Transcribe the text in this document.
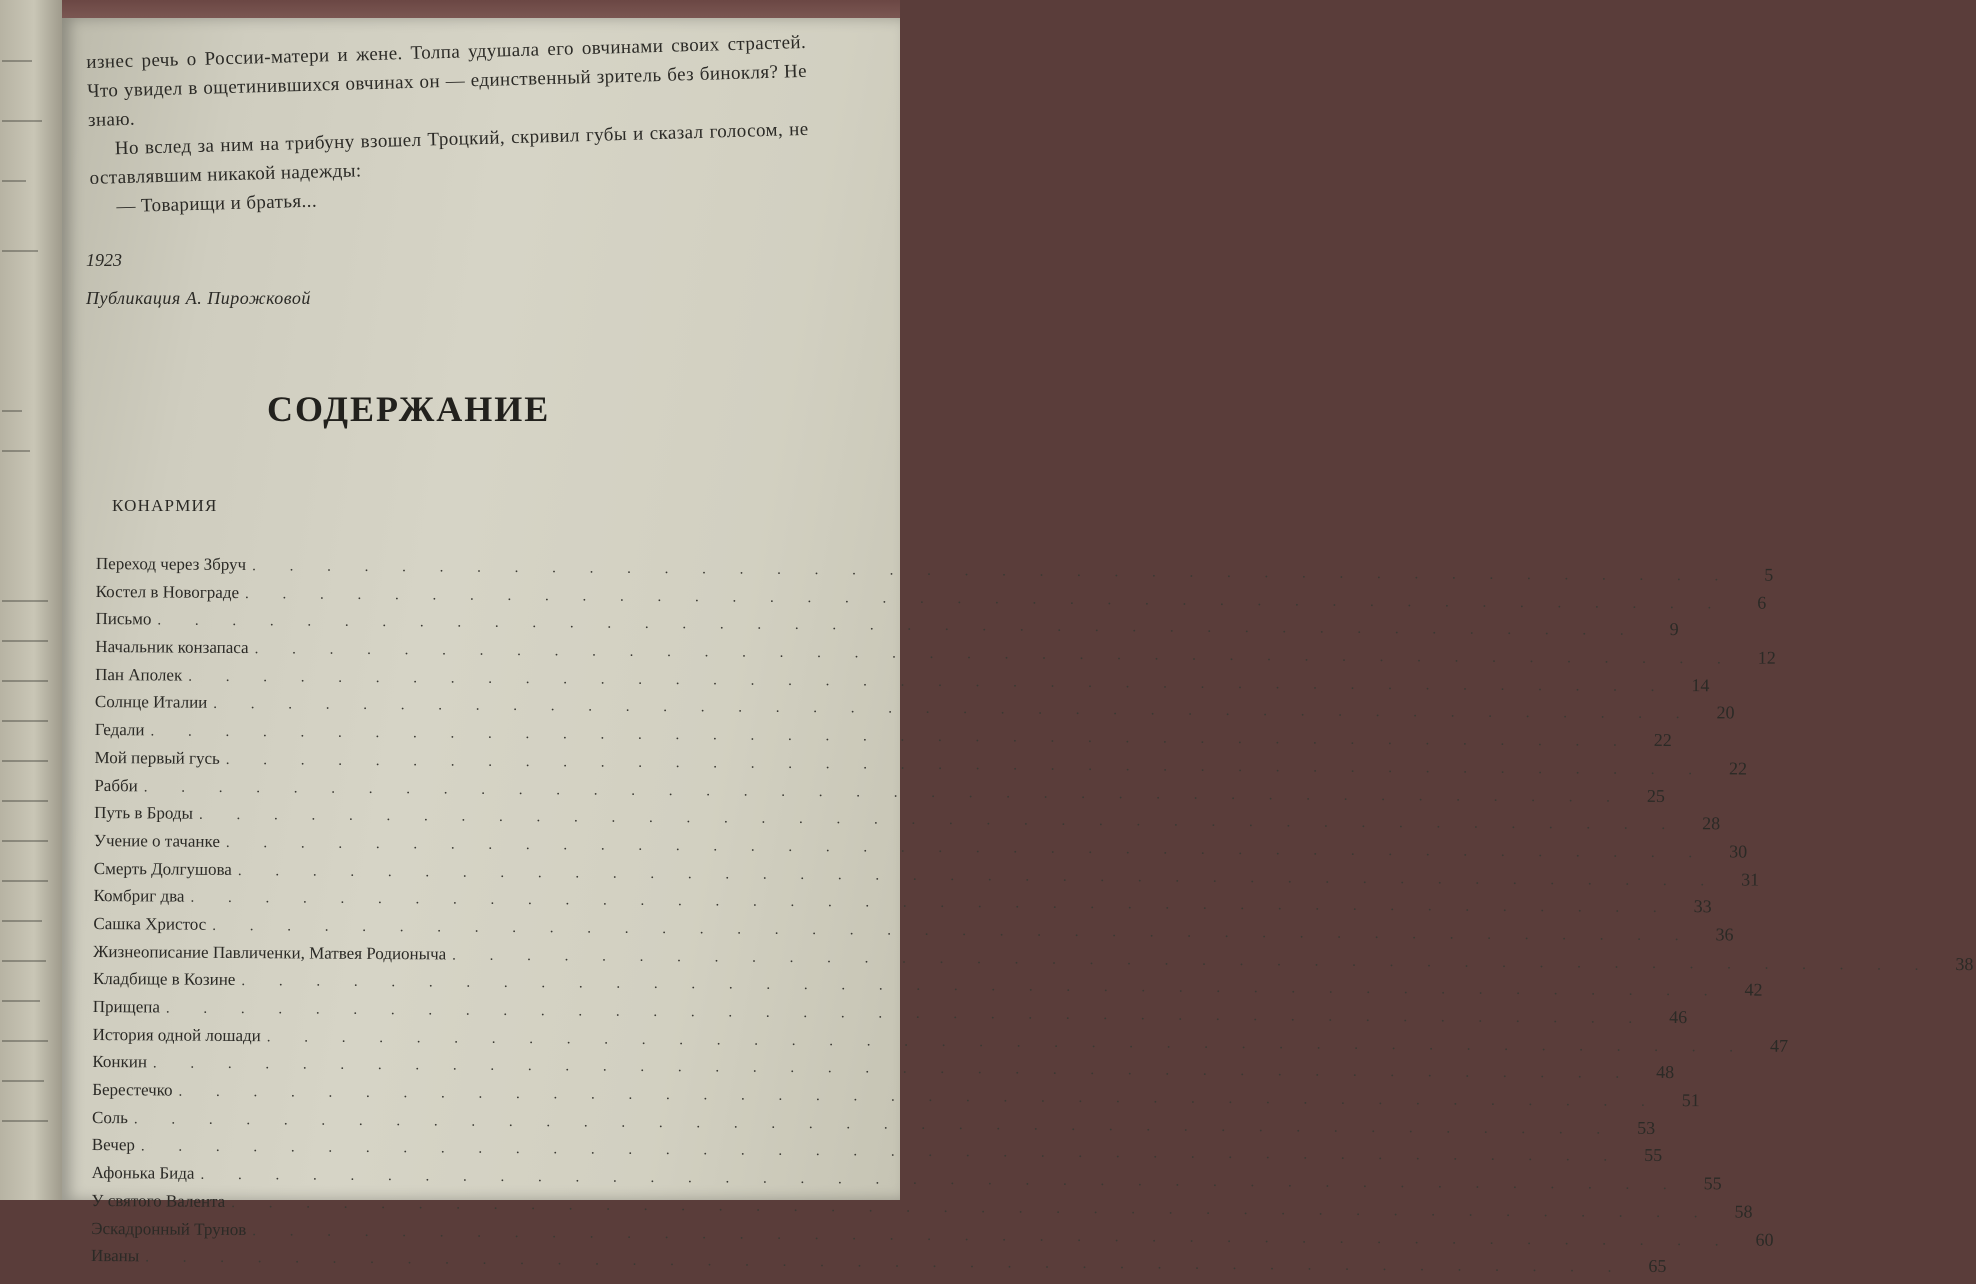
изнес речь о России-матери и жене. Толпа удушала его овчинами своих страстей. Что увидел в ощетинившихся овчинах он — единственный зритель без бинокля? Не знаю.

Но вслед за ним на трибуну взошел Троцкий, скривил губы и сказал голосом, не оставлявшим никакой надежды:

— Товарищи и братья...

1923
Публикация А. Пирожковой
СОДЕРЖАНИЕ
КОНАРМИЯ
Переход через Збруч . . . . . . . . . . . . . . . . . . . . . . . . . . . . . . . . . . . . . . . .	5
Костел в Новограде . . . . . . . . . . . . . . . . . . . . . . . . . . . . . . . . . . . . . . . .	6
Письмо . . . . . . . . . . . . . . . . . . . . . . . . . . . . . . . . . . . . . . . .	9
Начальник конзапаса . . . . . . . . . . . . . . . . . . . . . . . . . . . . . . . . . . . . . . . .	12
Пан Аполек . . . . . . . . . . . . . . . . . . . . . . . . . . . . . . . . . . . . . . . .	14
Солнце Италии . . . . . . . . . . . . . . . . . . . . . . . . . . . . . . . . . . . . . . . .	20
Гедали . . . . . . . . . . . . . . . . . . . . . . . . . . . . . . . . . . . . . . . .	22
Мой первый гусь . . . . . . . . . . . . . . . . . . . . . . . . . . . . . . . . . . . . . . . .	22
Рабби . . . . . . . . . . . . . . . . . . . . . . . . . . . . . . . . . . . . . . . .	25
Путь в Броды . . . . . . . . . . . . . . . . . . . . . . . . . . . . . . . . . . . . . . . .	28
Учение о тачанке . . . . . . . . . . . . . . . . . . . . . . . . . . . . . . . . . . . . . . . .	30
Смерть Долгушова . . . . . . . . . . . . . . . . . . . . . . . . . . . . . . . . . . . . . . . .	31
Комбриг два . . . . . . . . . . . . . . . . . . . . . . . . . . . . . . . . . . . . . . . .	33
Сашка Христос . . . . . . . . . . . . . . . . . . . . . . . . . . . . . . . . . . . . . . . .	36
Жизнеописание Павличенки, Матвея Родионыча . . . . . . . . . . . . . . . . . . . . . . . . . . . . . . . . . . . . . . . .	38
Кладбище в Козине . . . . . . . . . . . . . . . . . . . . . . . . . . . . . . . . . . . . . . . .	42
Прищепа . . . . . . . . . . . . . . . . . . . . . . . . . . . . . . . . . . . . . . . .	46
История одной лошади . . . . . . . . . . . . . . . . . . . . . . . . . . . . . . . . . . . . . . . .	47
Конкин . . . . . . . . . . . . . . . . . . . . . . . . . . . . . . . . . . . . . . . .	48
Берестечко . . . . . . . . . . . . . . . . . . . . . . . . . . . . . . . . . . . . . . . .	51
Соль . . . . . . . . . . . . . . . . . . . . . . . . . . . . . . . . . . . . . . . .	53
Вечер . . . . . . . . . . . . . . . . . . . . . . . . . . . . . . . . . . . . . . . .	55
Афонька Бида . . . . . . . . . . . . . . . . . . . . . . . . . . . . . . . . . . . . . . . .	55
У святого Валента . . . . . . . . . . . . . . . . . . . . . . . . . . . . . . . . . . . . . . . .	58
Эскадронный Трунов . . . . . . . . . . . . . . . . . . . . . . . . . . . . . . . . . . . . . . . .	60
Иваны . . . . . . . . . . . . . . . . . . . . . . . . . . . . . . . . . . . . . . . .	65
